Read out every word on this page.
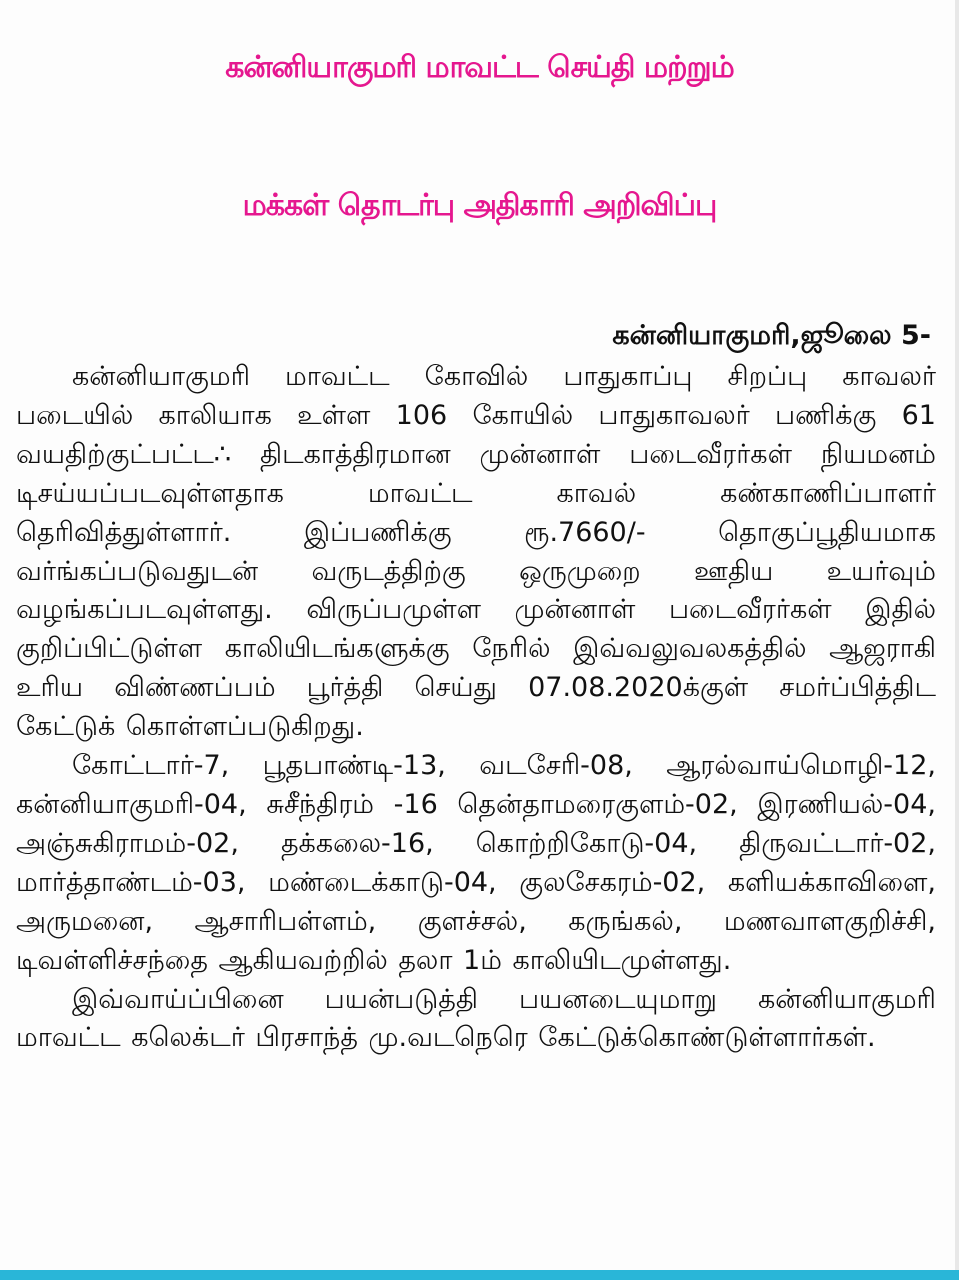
கன்னியாகுமரி மாவட்ட செய்தி மற்றும்
மக்கள் தொடர்பு அதிகாரி அறிவிப்பு
கன்னியாகுமரி,ஜூலை 5-

கன்னியாகுமரி மாவட்ட கோவில் பாதுகாப்பு சிறப்பு காவலர் படையில் காலியாக உள்ள 106 கோயில் பாதுகாவலர் பணிக்கு 61 வயதிற்குட்பட்ட∴ திடகாத்திரமான முன்னாள் படைவீரர்கள் நியமனம் டிசய்யப்படவுள்ளதாக மாவட்ட காவல் கண்காணிப்பாளர் தெரிவித்துள்ளார். இப்பணிக்கு ரூ.7660/- தொகுப்பூதியமாக வர்ங்கப்படுவதுடன் வருடத்திற்கு ஒருமுறை ஊதிய உயர்வும் வழங்கப்படவுள்ளது. விருப்பமுள்ள முன்னாள் படைவீரர்கள் இதில் குறிப்பிட்டுள்ள காலியிடங்களுக்கு நேரில் இவ்வலுவலகத்தில் ஆஜராகி உரிய விண்ணப்பம் பூர்த்தி செய்து 07.08.2020க்குள் சமர்ப்பித்திட கேட்டுக் கொள்ளப்படுகிறது.

கோட்டார்-7, பூதபாண்டி-13, வடசேரி-08, ஆரல்வாய்மொழி-12, கன்னியாகுமரி-04, சுசீந்திரம் -16 தென்தாமரைகுளம்-02, இரணியல்-04, அஞ்சுகிராமம்-02, தக்கலை-16, கொற்றிகோடு-04, திருவட்டார்-02, மார்த்தாண்டம்-03, மண்டைக்காடு-04, குலசேகரம்-02, களியக்காவிளை, அருமனை, ஆசாரிபள்ளம், குளச்சல், கருங்கல், மணவாளகுறிச்சி, டிவள்ளிச்சந்தை ஆகியவற்றில் தலா 1ம் காலியிடமுள்ளது.

இவ்வாய்ப்பினை பயன்படுத்தி பயனடையுமாறு கன்னியாகுமரி மாவட்ட கலெக்டர் பிரசாந்த் மு.வடநெரெ கேட்டுக்கொண்டுள்ளார்கள்.
